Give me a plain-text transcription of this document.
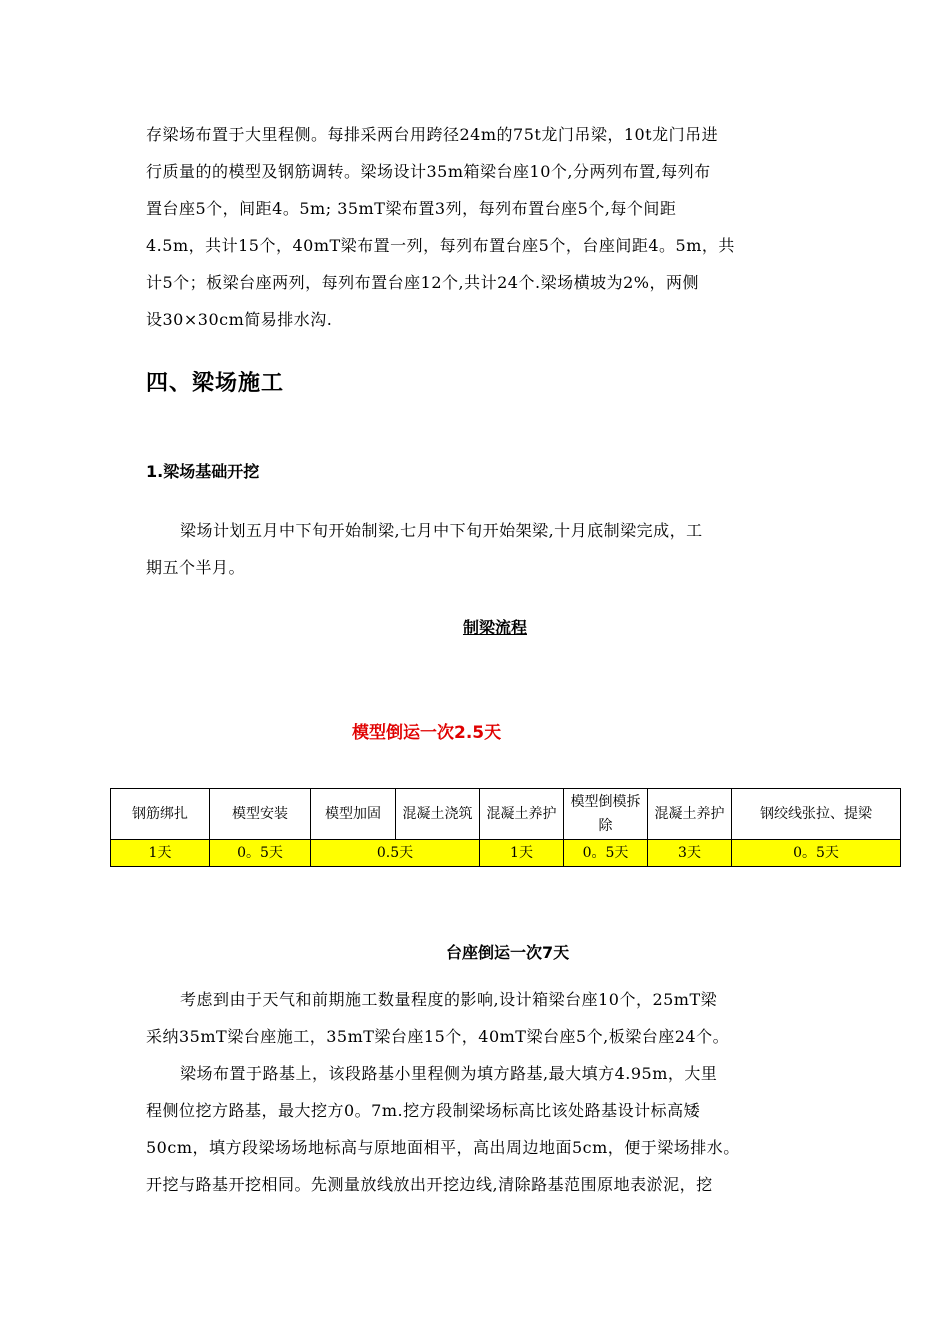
存梁场布置于大里程侧。每排采两台用跨径24m的75t龙门吊梁，10t龙门吊进
行质量的的模型及钢筋调转。梁场设计35m箱梁台座10个,分两列布置,每列布
置台座5个，间距4。5m; 35mT梁布置3列，每列布置台座5个,每个间距
4.5m，共计15个，40mT梁布置一列，每列布置台座5个，台座间距4。5m，共
计5个；板梁台座两列，每列布置台座12个,共计24个.梁场横坡为2%，两侧
设30×30cm简易排水沟.
四、梁场施工
1.梁场基础开挖
梁场计划五月中下旬开始制梁,七月中下旬开始架梁,十月底制梁完成，工
期五个半月。
制梁流程
模型倒运一次2.5天
钢筋绑扎	模型安装	模型加固	混凝土浇筑	混凝土养护	模型倒模拆除	混凝土养护	钢绞线张拉、提梁
1天	0。5天	0.5天		1天	0。5天	3天	0。5天
台座倒运一次7天
考虑到由于天气和前期施工数量程度的影响,设计箱梁台座10个，25mT梁
采纳35mT梁台座施工，35mT梁台座15个，40mT梁台座5个,板梁台座24个。
梁场布置于路基上，该段路基小里程侧为填方路基,最大填方4.95m，大里
程侧位挖方路基，最大挖方0。7m.挖方段制梁场标高比该处路基设计标高矮
50cm，填方段梁场场地标高与原地面相平，高出周边地面5cm，便于梁场排水。
开挖与路基开挖相同。先测量放线放出开挖边线,清除路基范围原地表淤泥，挖
